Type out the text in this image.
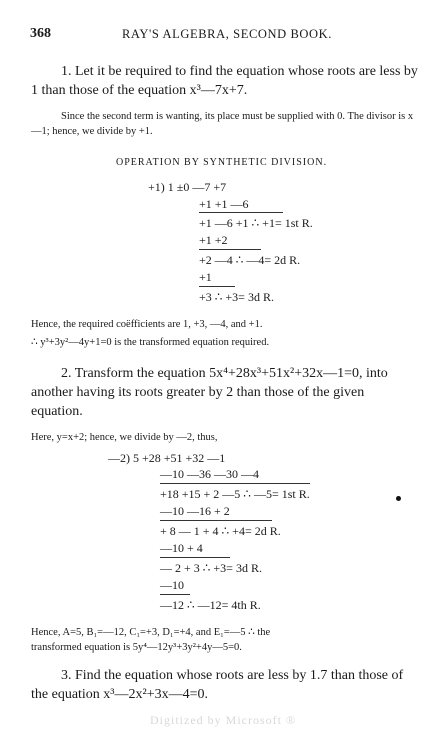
368	RAY'S ALGEBRA, SECOND BOOK.
1. Let it be required to find the equation whose roots are less by 1 than those of the equation x³—7x+7.
Since the second term is wanting, its place must be supplied with 0. The divisor is x—1; hence, we divide by +1.
OPERATION BY SYNTHETIC DIVISION.
+1) 1 ±0 —7 +7
+1 +1 —6
+1 —6 +1 ∴ +1= 1st R.
+1 +2
+2 —4 ∴ —4= 2d R.
+1
+3 ∴ +3= 3d R.
Hence, the required coëfficients are 1, +3, —4, and +1.
∴ y³+3y²—4y+1=0 is the transformed equation required.
2. Transform the equation 5x⁴+28x³+51x²+32x—1=0, into another having its roots greater by 2 than those of the given equation.
Here, y=x+2; hence, we divide by —2, thus,
—2) 5 +28 +51 +32 —1
—10 —36 —30 —4
+18 +15 + 2 —5 ∴ —5= 1st R.
—10 —16 + 2
+ 8 — 1 + 4 ∴ +4= 2d R.
—10 + 4
— 2 + 3 ∴ +3= 3d R.
—10
—12 ∴ —12= 4th R.
Hence, A=5, B₁=—12, C₁=+3, D₁=+4, and E₁=—5 ∴ the
transformed equation is 5y⁴—12y³+3y²+4y—5=0.
3. Find the equation whose roots are less by 1.7 than those of the equation x³—2x²+3x—4=0.
Digitized by Microsoft ®
